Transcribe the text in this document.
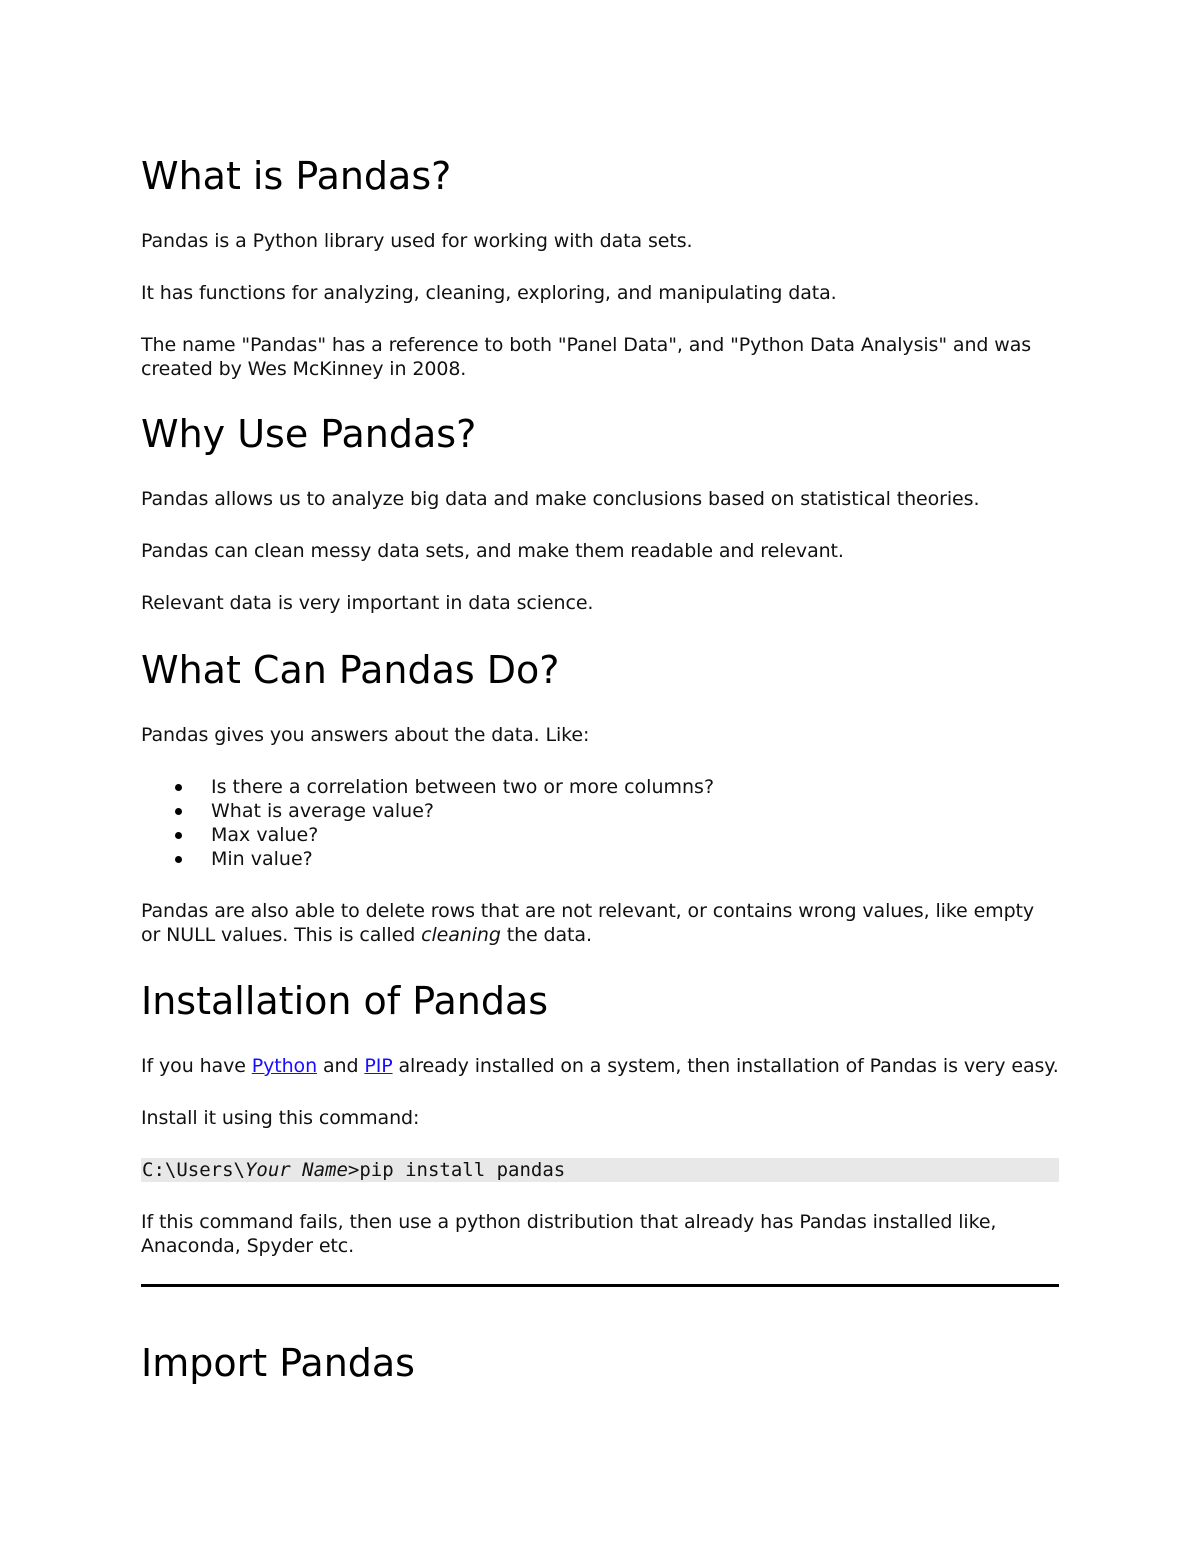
What is Pandas?

Pandas is a Python library used for working with data sets.

It has functions for analyzing, cleaning, exploring, and manipulating data.

The name "Pandas" has a reference to both "Panel Data", and "Python Data Analysis" and was created by Wes McKinney in 2008.

Why Use Pandas?

Pandas allows us to analyze big data and make conclusions based on statistical theories.

Pandas can clean messy data sets, and make them readable and relevant.

Relevant data is very important in data science.

What Can Pandas Do?

Pandas gives you answers about the data. Like:

Is there a correlation between two or more columns?
What is average value?
Max value?
Min value?

Pandas are also able to delete rows that are not relevant, or contains wrong values, like empty or NULL values. This is called cleaning the data.

Installation of Pandas

If you have Python and PIP already installed on a system, then installation of Pandas is very easy.

Install it using this command:

C:\Users\Your Name>pip install pandas

If this command fails, then use a python distribution that already has Pandas installed like, Anaconda, Spyder etc.

Import Pandas
